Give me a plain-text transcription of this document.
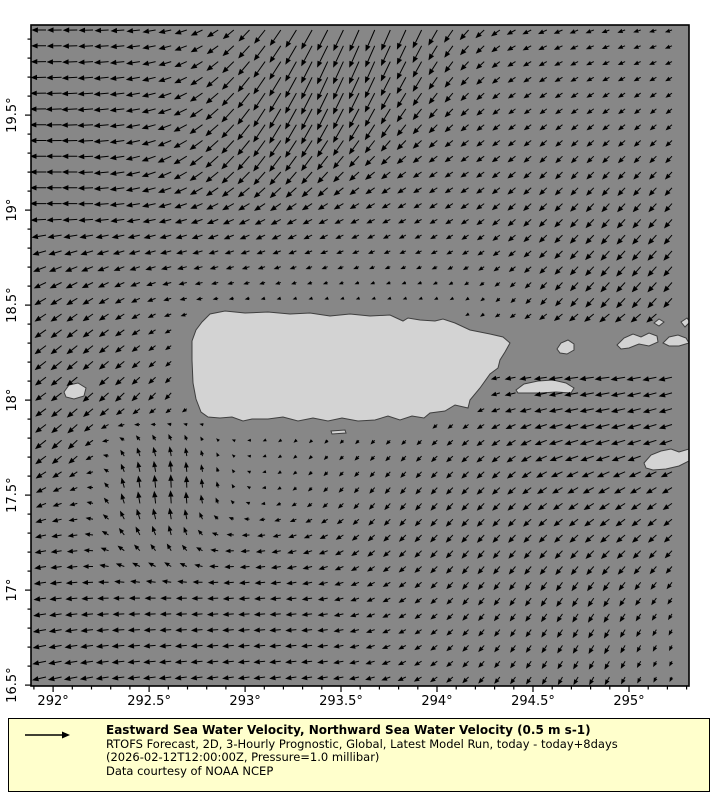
292°	292.5°	293°	293.5°	294°	294.5°	295°
16.5°
17°
17.5°
18°
18.5°
19°
19.5°
Eastward Sea Water Velocity, Northward Sea Water Velocity (0.5 m s-1)
RTOFS Forecast, 2D, 3-Hourly Prognostic, Global, Latest Model Run, today - today+8days
(2026-02-12T12:00:00Z, Pressure=1.0 millibar)
Data courtesy of NOAA NCEP
